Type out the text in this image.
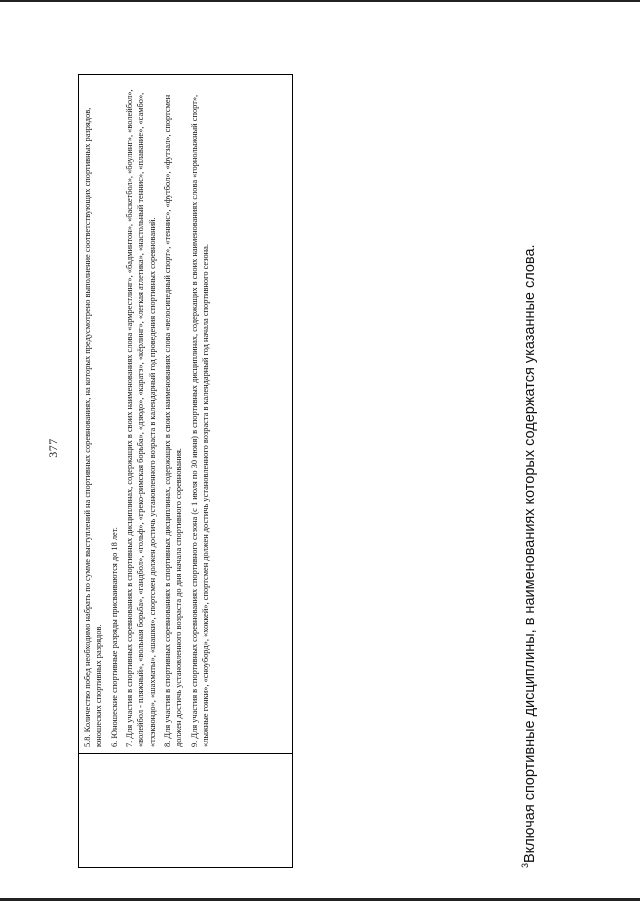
377	5.8. Количество побед необходимо набрать по сумме выступлений на спортивных соревнованиях, на которых предусмотрено выполнение соответствующих спортивных разрядов, юношеских спортивных разрядов. 6. Юношеские спортивные разряды присваиваются до 18 лет. 7. Для участия в спортивных соревнованиях в спортивных дисциплинах, содержащих в своих наименованиях слова «армрестлинг», «бадминтон», «баскетбол», «боулинг», «волейбол», «волейбол - пляжный», «вольная борьба», «гандбол», «гольф», «греко-римская борьба», «дзюдо», «каратэ», «кёрлинг», «легкая атлетика», «настольный теннис», «плавание», «самбо», «тхэквондо», «шахматы», «шашки», спортсмен должен достичь установленного возраста в календарный год проведения спортивных соревнований. 8. Для участия в спортивных соревнованиях в спортивных дисциплинах, содержащих в своих наименованиях слова «велосипедный спорт», «теннис», «футбол», «футзал», спортсмен должен достичь установленного возраста до дня начала спортивного соревнования. 9. Для участия в спортивных соревнованиях спортивного сезона (с 1 июля по 30 июня) в спортивных дисциплинах, содержащих в своих наименованиях слова «горнолыжный спорт», «лыжные гонки», «сноуборд», «хоккей», спортсмен должен достичь установленного возраста в календарный год начала спортивного сезона.

$^3$Включая спортивные дисциплины, в наименованиях которых содержатся указанные слова.
